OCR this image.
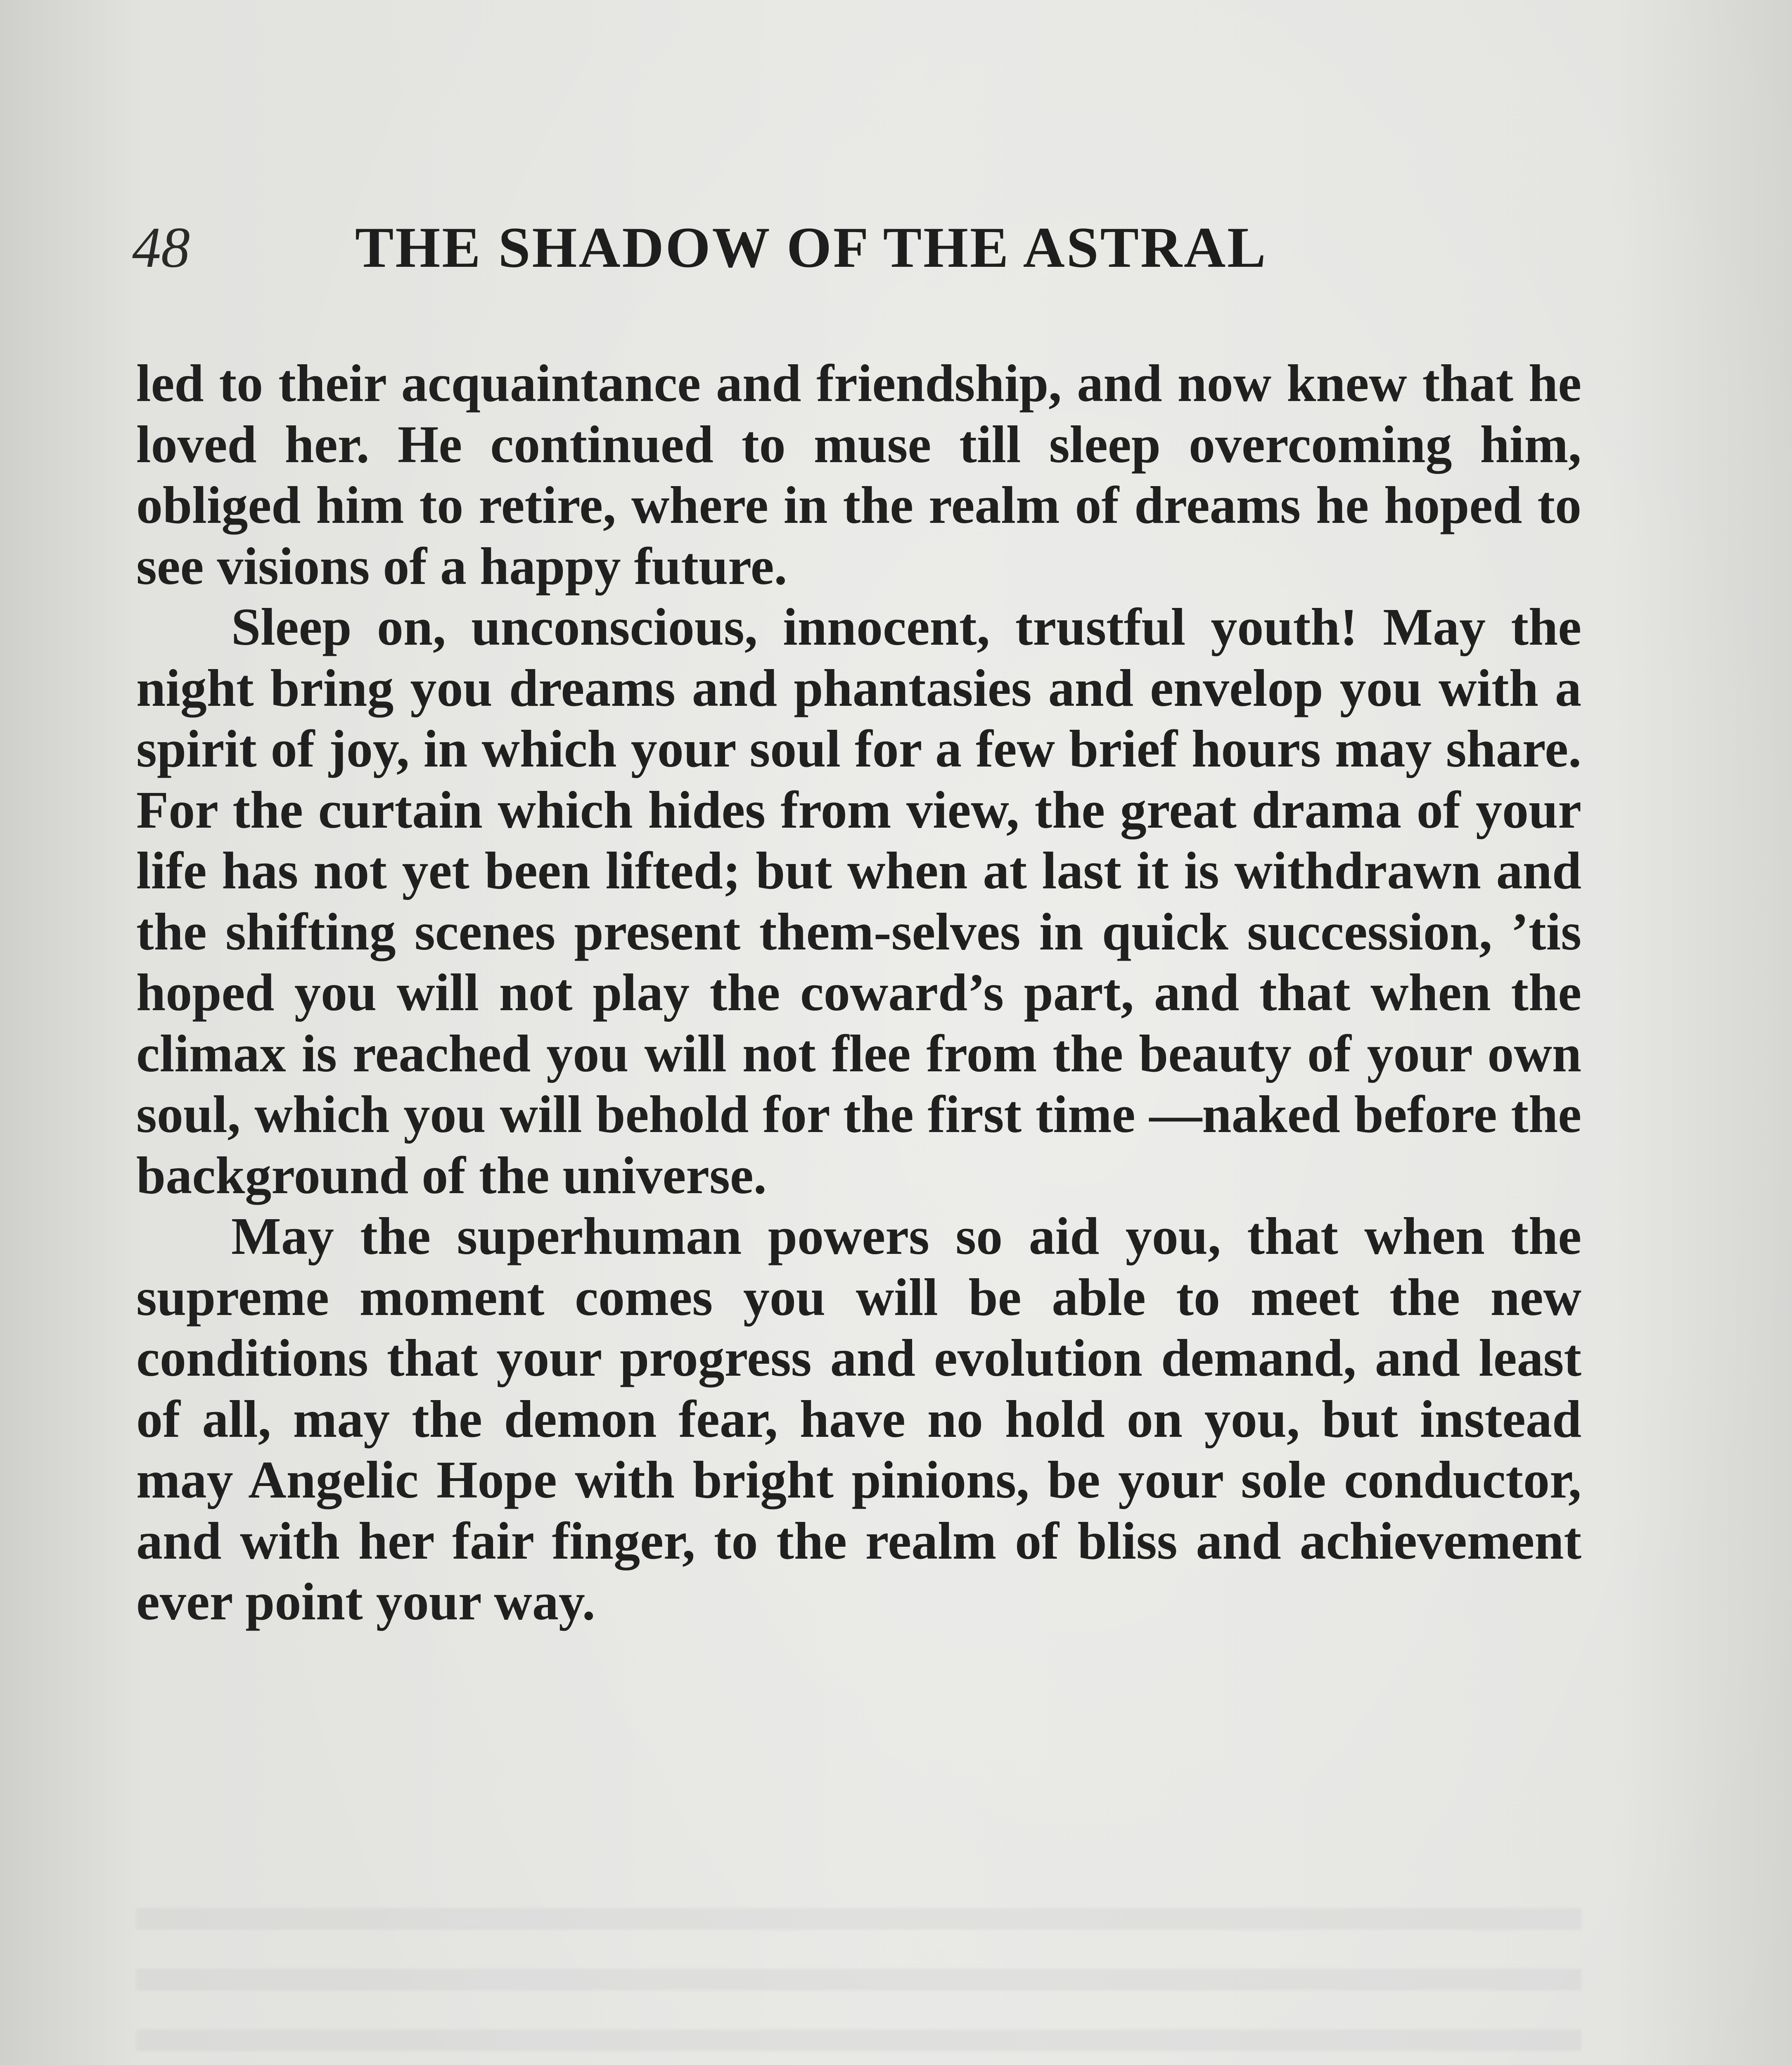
48	THE SHADOW OF THE ASTRAL

led to their acquaintance and friendship, and now knew that he loved her. He continued to muse till sleep overcoming him, obliged him to retire, where in the realm of dreams he hoped to see visions of a happy future.

Sleep on, unconscious, innocent, trustful youth! May the night bring you dreams and phantasies and envelop you with a spirit of joy, in which your soul for a few brief hours may share. For the curtain which hides from view, the great drama of your life has not yet been lifted; but when at last it is withdrawn and the shifting scenes present them-selves in quick succession, ’tis hoped you will not play the coward’s part, and that when the climax is reached you will not flee from the beauty of your own soul, which you will behold for the first time —naked before the background of the universe.

May the superhuman powers so aid you, that when the supreme moment comes you will be able to meet the new conditions that your progress and evolution demand, and least of all, may the demon fear, have no hold on you, but instead may Angelic Hope with bright pinions, be your sole conductor, and with her fair finger, to the realm of bliss and achievement ever point your way.
